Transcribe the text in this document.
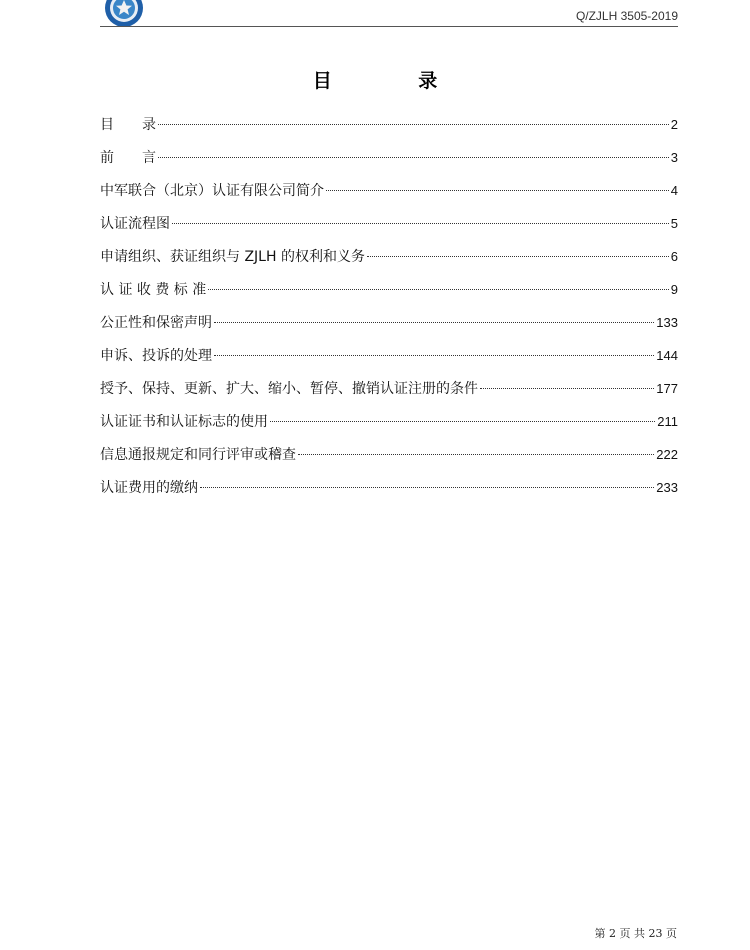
Q/ZJLH 3505-2019
目 录
目　　录	2
前　　言	3
中军联合（北京）认证有限公司简介	4
认证流程图	5
申请组织、获证组织与 ZJLH 的权利和义务	6
认 证 收 费 标 准	9
公正性和保密声明	133
申诉、投诉的处理	144
授予、保持、更新、扩大、缩小、暂停、撤销认证注册的条件	177
认证证书和认证标志的使用	211
信息通报规定和同行评审或稽查	222
认证费用的缴纳	233
第 2 页 共 23 页
